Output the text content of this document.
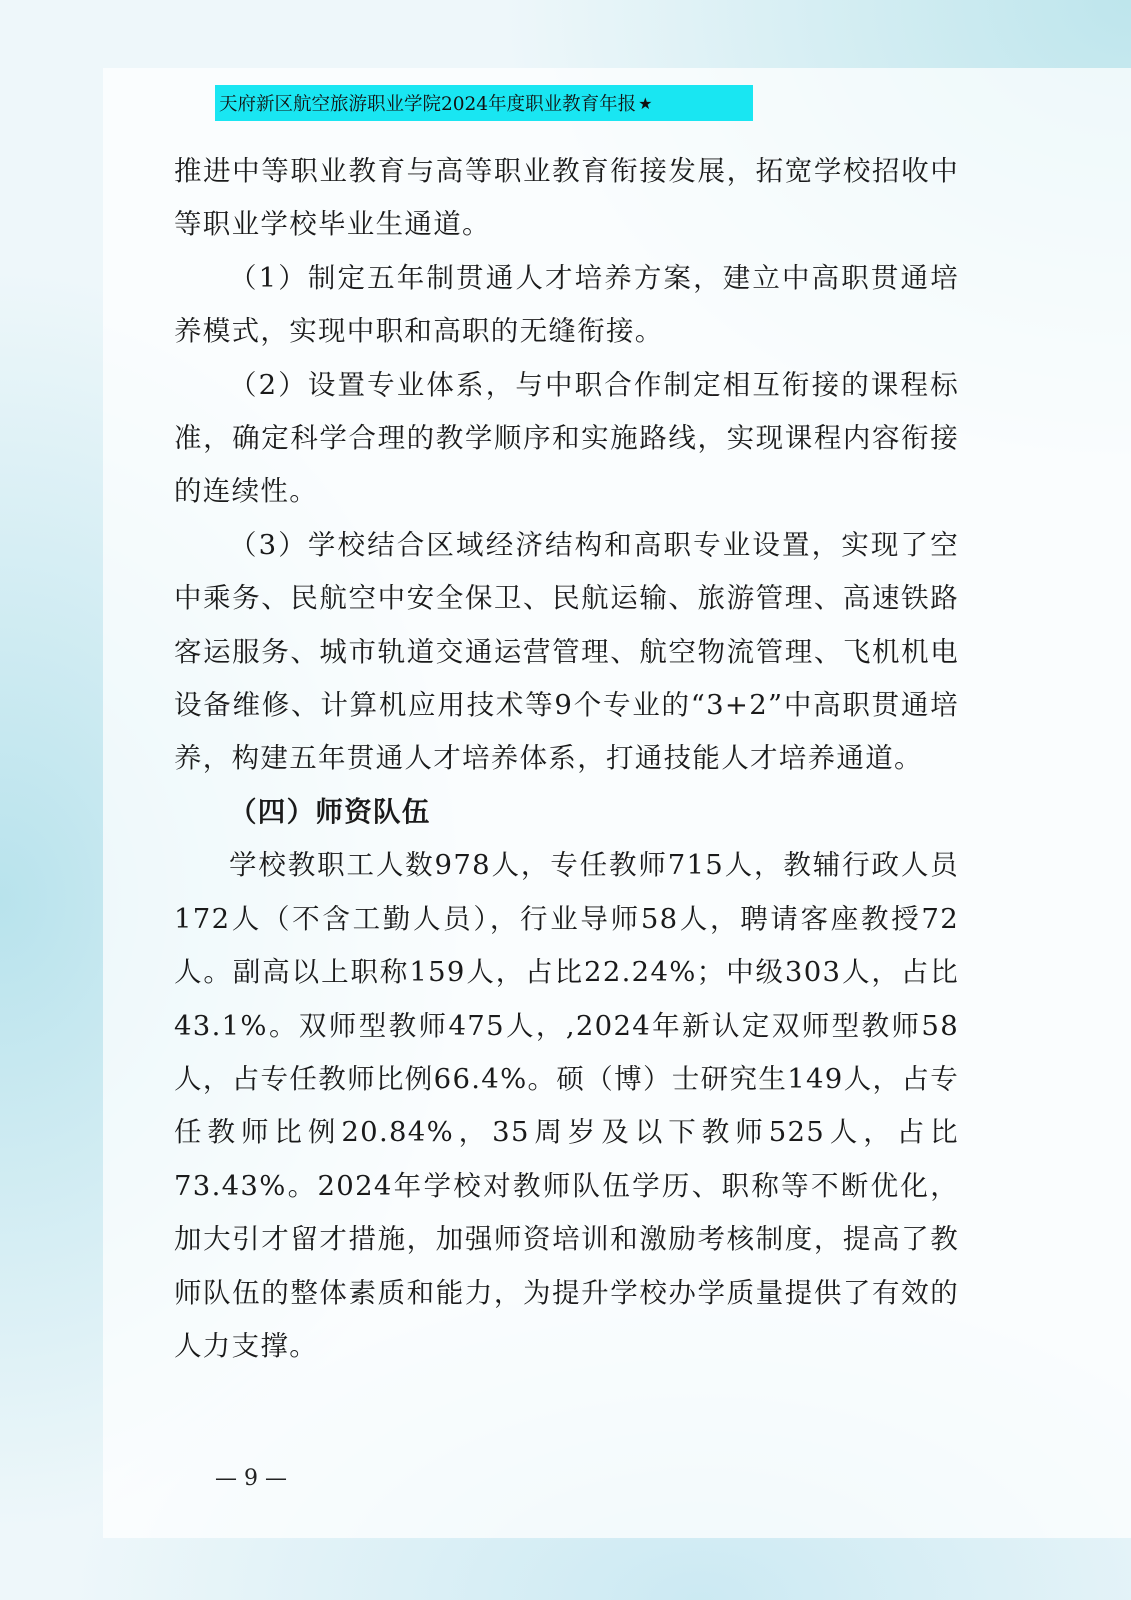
天府新区航空旅游职业学院2024年度职业教育年报 ★

推进中等职业教育与高等职业教育衔接发展，拓宽学校招收中等职业学校毕业生通道。

（1）制定五年制贯通人才培养方案，建立中高职贯通培养模式，实现中职和高职的无缝衔接。

（2）设置专业体系，与中职合作制定相互衔接的课程标准，确定科学合理的教学顺序和实施路线，实现课程内容衔接的连续性。

（3）学校结合区域经济结构和高职专业设置，实现了空中乘务、民航空中安全保卫、民航运输、旅游管理、高速铁路客运服务、城市轨道交通运营管理、航空物流管理、飞机机电设备维修、计算机应用技术等9个专业的“3+2”中高职贯通培养，构建五年贯通人才培养体系，打通技能人才培养通道。

（四）师资队伍

学校教职工人数978人，专任教师715人，教辅行政人员172人（不含工勤人员），行业导师58人，聘请客座教授72人。副高以上职称159人，占比22.24%；中级303人，占比43.1%。双师型教师475人，,2024年新认定双师型教师58人，占专任教师比例66.4%。硕（博）士研究生149人，占专任教师比例20.84%，35周岁及以下教师525人，占比73.43%。2024年学校对教师队伍学历、职称等不断优化，加大引才留才措施，加强师资培训和激励考核制度，提高了教师队伍的整体素质和能力，为提升学校办学质量提供了有效的人力支撑。

— 9 —
